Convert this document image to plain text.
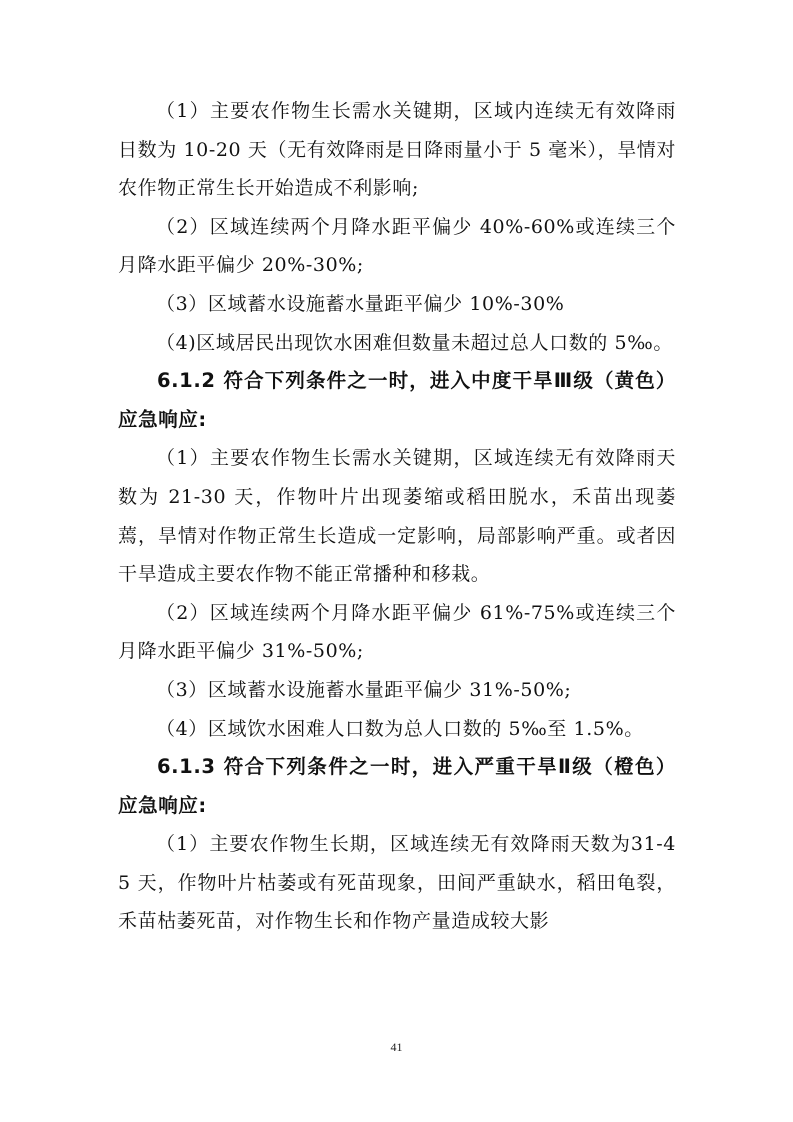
（1）主要农作物生长需水关键期，区域内连续无有效降雨日数为 10-20 天（无有效降雨是日降雨量小于 5 毫米），旱情对农作物正常生长开始造成不利影响;

（2）区域连续两个月降水距平偏少 40%-60%或连续三个月降水距平偏少 20%-30%;

（3）区域蓄水设施蓄水量距平偏少 10%-30%

（4)区域居民出现饮水困难但数量未超过总人口数的 5‰。

6.1.2 符合下列条件之一时，进入中度干旱Ⅲ级（黄色）应急响应:

（1）主要农作物生长需水关键期，区域连续无有效降雨天数为 21-30 天，作物叶片出现萎缩或稻田脱水，禾苗出现萎蔫，旱情对作物正常生长造成一定影响，局部影响严重。或者因干旱造成主要农作物不能正常播种和移栽。

（2）区域连续两个月降水距平偏少 61%-75%或连续三个月降水距平偏少 31%-50%;

（3）区域蓄水设施蓄水量距平偏少 31%-50%;

（4）区域饮水困难人口数为总人口数的 5‰至 1.5%。

6.1.3 符合下列条件之一时，进入严重干旱Ⅱ级（橙色）应急响应:

（1）主要农作物生长期，区域连续无有效降雨天数为31-45 天，作物叶片枯萎或有死苗现象，田间严重缺水，稻田龟裂，禾苗枯萎死苗，对作物生长和作物产量造成较大影

41
